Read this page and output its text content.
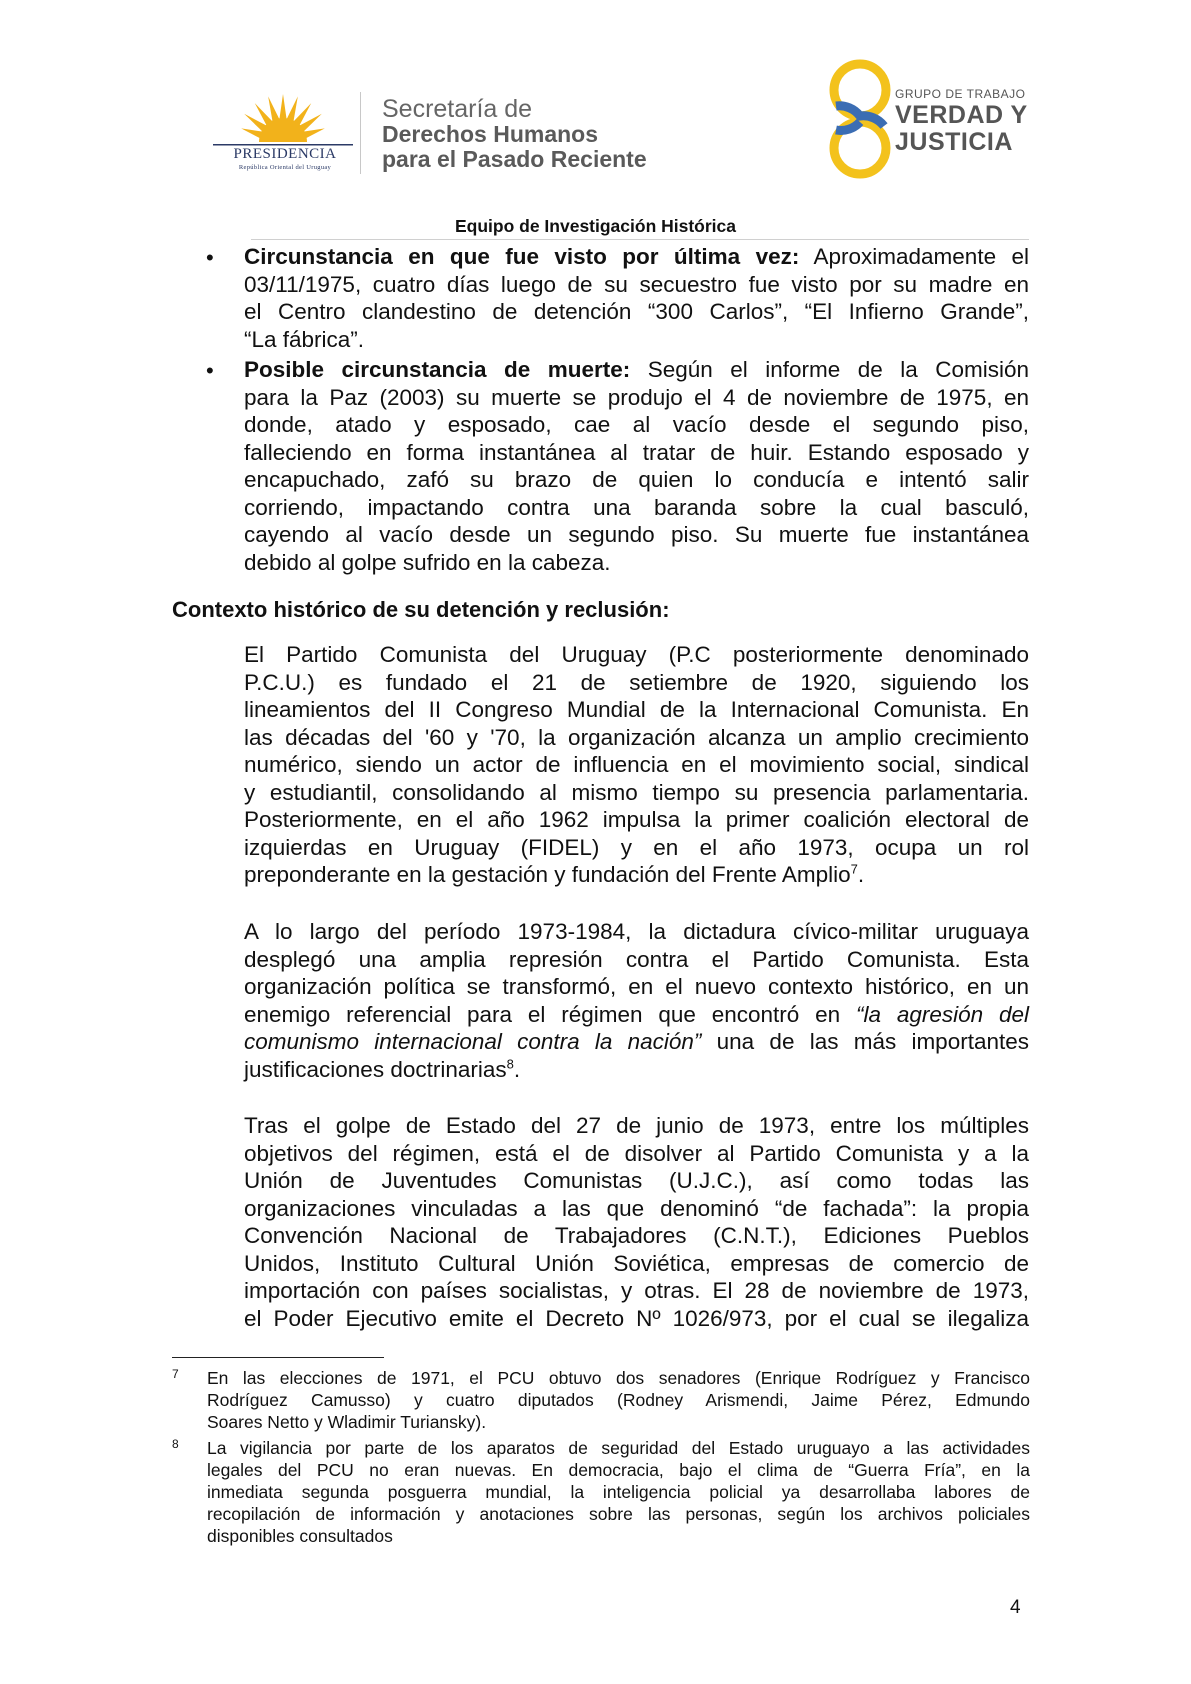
PRESIDENCIA
República Oriental del Uruguay
Secretaría de
Derechos Humanos
para el Pasado Reciente
GRUPO DE TRABAJO
VERDAD Y
JUSTICIA
Equipo de Investigación Histórica
• Circunstancia en que fue visto por última vez: Aproximadamente el
03/11/1975, cuatro días luego de su secuestro fue visto por su madre en
el Centro clandestino de detención “300 Carlos”, “El Infierno Grande”,
“La fábrica”.
• Posible circunstancia de muerte: Según el informe de la Comisión
para la Paz (2003) su muerte se produjo el 4 de noviembre de 1975, en
donde, atado y esposado, cae al vacío desde el segundo piso,
falleciendo en forma instantánea al tratar de huir. Estando esposado y
encapuchado, zafó su brazo de quien lo conducía e intentó salir
corriendo, impactando contra una baranda sobre la cual basculó,
cayendo al vacío desde un segundo piso. Su muerte fue instantánea
debido al golpe sufrido en la cabeza.
Contexto histórico de su detención y reclusión:
El Partido Comunista del Uruguay (P.C posteriormente denominado
P.C.U.) es fundado el 21 de setiembre de 1920, siguiendo los
lineamientos del II Congreso Mundial de la Internacional Comunista. En
las décadas del '60 y '70, la organización alcanza un amplio crecimiento
numérico, siendo un actor de influencia en el movimiento social, sindical
y estudiantil, consolidando al mismo tiempo su presencia parlamentaria.
Posteriormente, en el año 1962 impulsa la primer coalición electoral de
izquierdas en Uruguay (FIDEL) y en el año 1973, ocupa un rol
preponderante en la gestación y fundación del Frente Amplio$^7$.
A lo largo del período 1973-1984, la dictadura cívico-militar uruguaya
desplegó una amplia represión contra el Partido Comunista. Esta
organización política se transformó, en el nuevo contexto histórico, en un
enemigo referencial para el régimen que encontró en “la agresión del
comunismo internacional contra la nación” una de las más importantes
justificaciones doctrinarias$^8$.
Tras el golpe de Estado del 27 de junio de 1973, entre los múltiples
objetivos del régimen, está el de disolver al Partido Comunista y a la
Unión de Juventudes Comunistas (U.J.C.), así como todas las
organizaciones vinculadas a las que denominó “de fachada”: la propia
Convención Nacional de Trabajadores (C.N.T.), Ediciones Pueblos
Unidos, Instituto Cultural Unión Soviética, empresas de comercio de
importación con países socialistas, y otras. El 28 de noviembre de 1973,
el Poder Ejecutivo emite el Decreto Nº 1026/973, por el cual se ilegaliza
7 En las elecciones de 1971, el PCU obtuvo dos senadores (Enrique Rodríguez y Francisco
Rodríguez Camusso) y cuatro diputados (Rodney Arismendi, Jaime Pérez, Edmundo
Soares Netto y Wladimir Turiansky).
8 La vigilancia por parte de los aparatos de seguridad del Estado uruguayo a las actividades
legales del PCU no eran nuevas. En democracia, bajo el clima de “Guerra Fría”, en la
inmediata segunda posguerra mundial, la inteligencia policial ya desarrollaba labores de
recopilación de información y anotaciones sobre las personas, según los archivos policiales
disponibles consultados
4
